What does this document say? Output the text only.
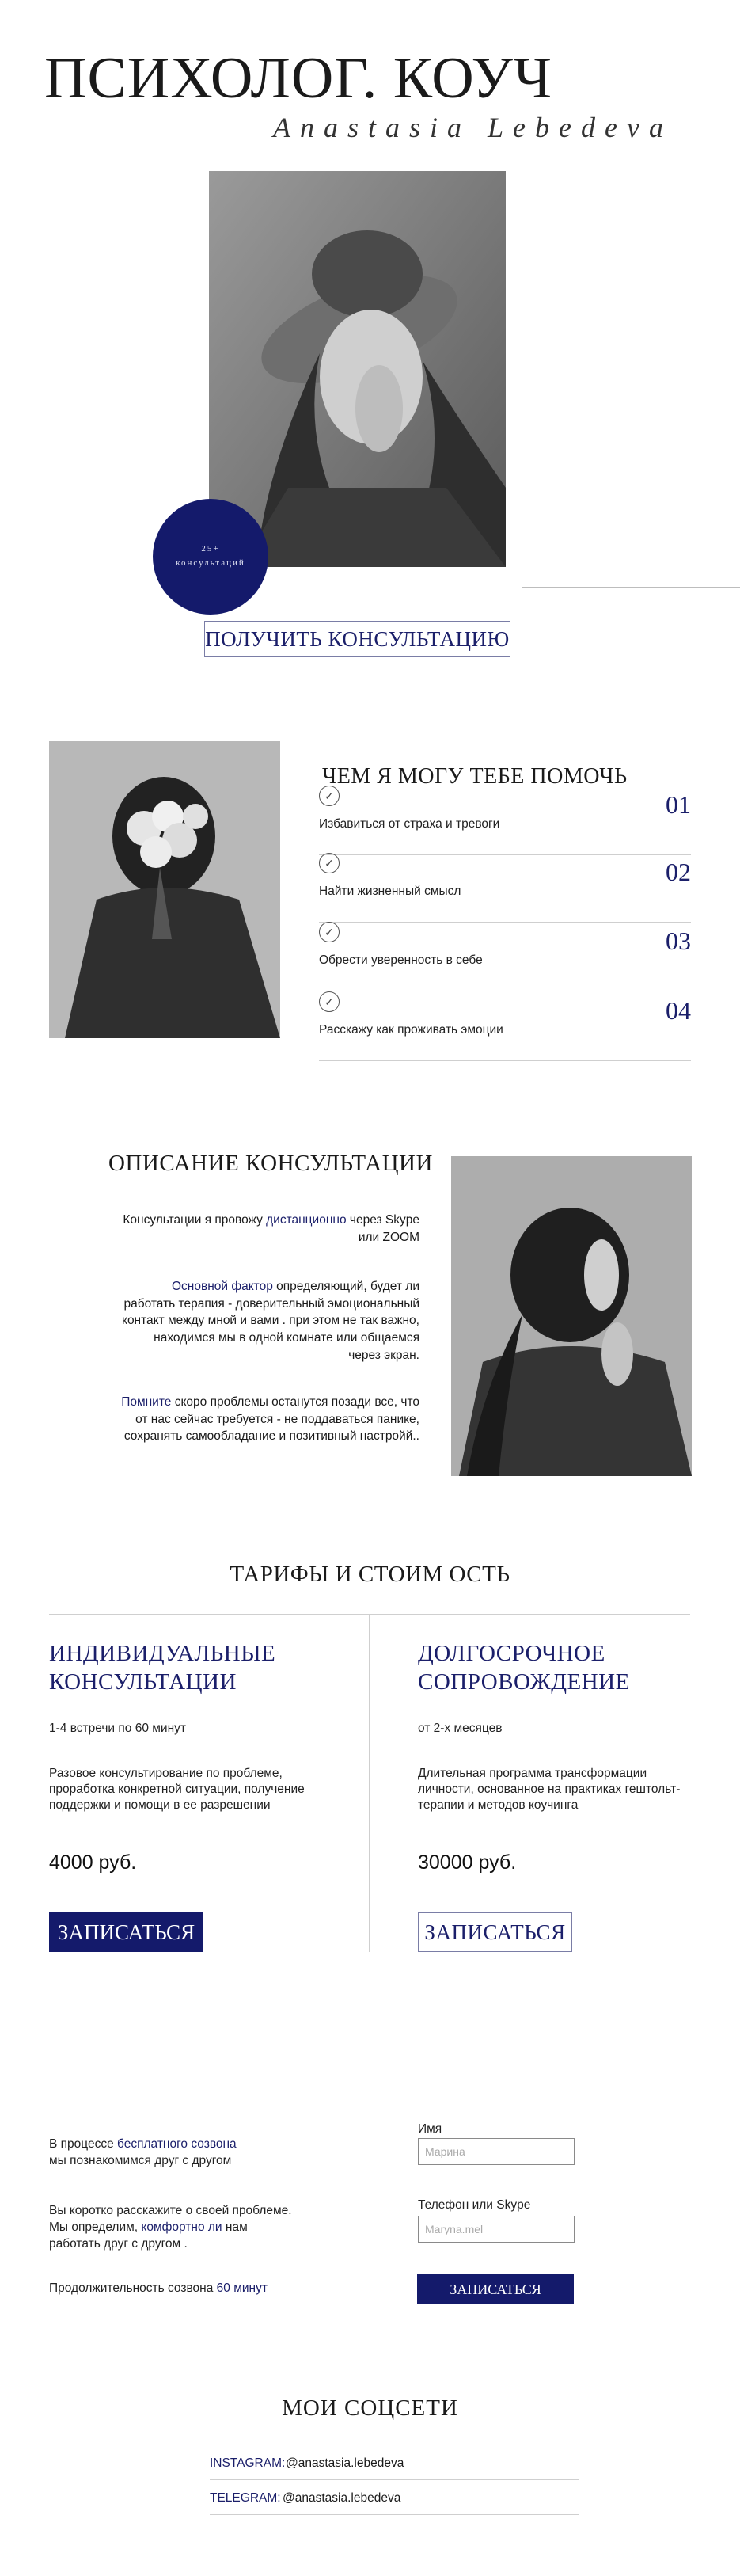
ПСИХОЛОГ. КОУЧ
Anastasia Lebedeva
25+
консультаций
ПОЛУЧИТЬ КОНСУЛЬТАЦИЮ
ЧЕМ Я МОГУ ТЕБЕ ПОМОЧЬ
✓
Избавиться от страха и тревоги
01
✓
Найти жизненный смысл
02
✓
Обрести уверенность в себе
03
✓
Расскажу как проживать эмоции
04
ОПИСАНИЕ КОНСУЛЬТАЦИИ

Консультации я провожу дистанционно через Skype или ZOOM

Основной фактор определяющий, будет ли работать терапия - доверительный эмоциональный контакт между мной и вами . при этом не так важно, находимся мы в одной комнате или общаемся через экран.

Помните скоро проблемы останутся позади все, что от нас сейчас требуется - не поддаваться панике, сохранять самообладание и позитивный настройй..

ТАРИФЫ И СТОИМ ОСТЬ
ИНДИВИДУАЛЬНЫЕ
КОНСУЛЬТАЦИИ
1-4 встречи по 60 минут
Разовое консультирование по проблеме, проработка конкретной ситуации, получение поддержки и помощи в ее разрешении
4000 руб.
ЗАПИСАТЬСЯ
ДОЛГОСРОЧНОЕ
СОПРОВОЖДЕНИЕ
от 2-х месяцев
Длительная программа трансформации личности, основанное на практиках гештольт-терапии и методов коучинга
30000 руб.
ЗАПИСАТЬСЯ

В процессе бесплатного созвона
мы познакомимся друг с другом

Вы коротко расскажите о своей проблеме. Мы определим, комфортно ли нам работать друг с другом .

Продолжительность созвона 60 минут

Имя
Марина
Телефон или Skype
Maryna.mel
ЗАПИСАТЬСЯ
МОИ СОЦСЕТИ
INSTAGRAM: @anastasia.lebedeva
TELEGRAM: @anastasia.lebedeva
